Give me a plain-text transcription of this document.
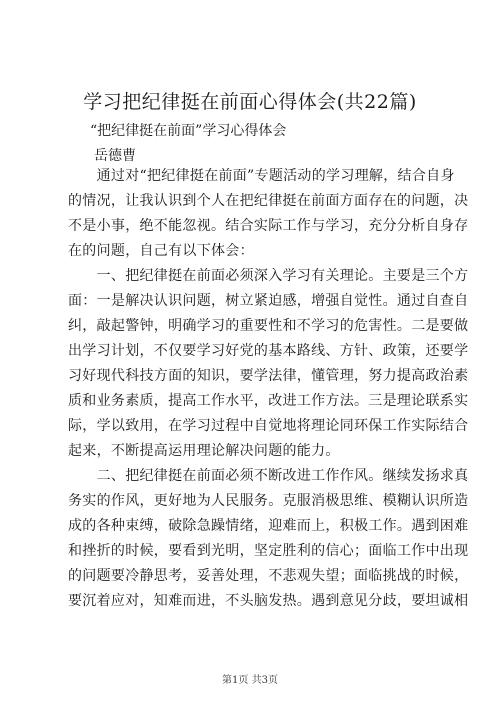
学习把纪律挺在前面心得体会(共22篇)
“把纪律挺在前面”学习心得体会
岳德曹
　　通过对“把纪律挺在前面”专题活动的学习理解，结合自身
的情况，让我认识到个人在把纪律挺在前面方面存在的问题，决
不是小事，绝不能忽视。结合实际工作与学习，充分分析自身存
在的问题，自己有以下体会：
　　一、把纪律挺在前面必须深入学习有关理论。主要是三个方
面：一是解决认识问题，树立紧迫感，增强自觉性。通过自查自
纠，敲起警钟，明确学习的重要性和不学习的危害性。二是要做
出学习计划，不仅要学习好党的基本路线、方针、政策，还要学
习好现代科技方面的知识，要学法律，懂管理，努力提高政治素
质和业务素质，提高工作水平，改进工作方法。三是理论联系实
际，学以致用，在学习过程中自觉地将理论同环保工作实际结合
起来，不断提高运用理论解决问题的能力。
　　二、把纪律挺在前面必须不断改进工作作风。继续发扬求真
务实的作风，更好地为人民服务。克服消极思维、模糊认识所造
成的各种束缚，破除急躁情绪，迎难而上，积极工作。遇到困难
和挫折的时候，要看到光明，坚定胜利的信心；面临工作中出现
的问题要冷静思考，妥善处理，不悲观失望；面临挑战的时候，
要沉着应对，知难而进，不头脑发热。遇到意见分歧，要坦诚相
第1页 共3页
